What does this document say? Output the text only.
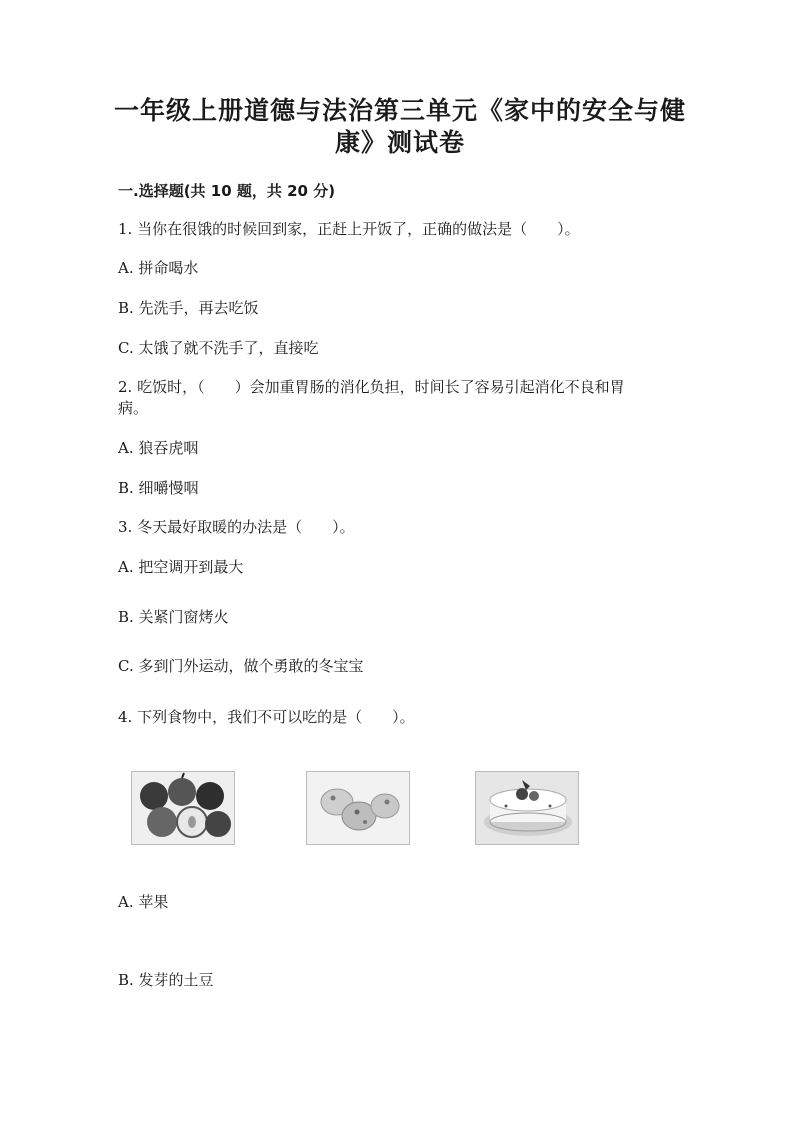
一年级上册道德与法治第三单元《家中的安全与健
康》测试卷
一.选择题(共 10 题，共 20 分)
1. 当你在很饿的时候回到家，正赶上开饭了，正确的做法是（　　）。
A. 拼命喝水
B. 先洗手，再去吃饭
C. 太饿了就不洗手了，直接吃
2. 吃饭时，（　　）会加重胃肠的消化负担，时间长了容易引起消化不良和胃
病。
A. 狼吞虎咽
B. 细嚼慢咽
3. 冬天最好取暖的办法是（　　）。
A. 把空调开到最大
B. 关紧门窗烤火
C. 多到门外运动，做个勇敢的冬宝宝
4. 下列食物中，我们不可以吃的是（　　）。
A. 苹果
B. 发芽的土豆
